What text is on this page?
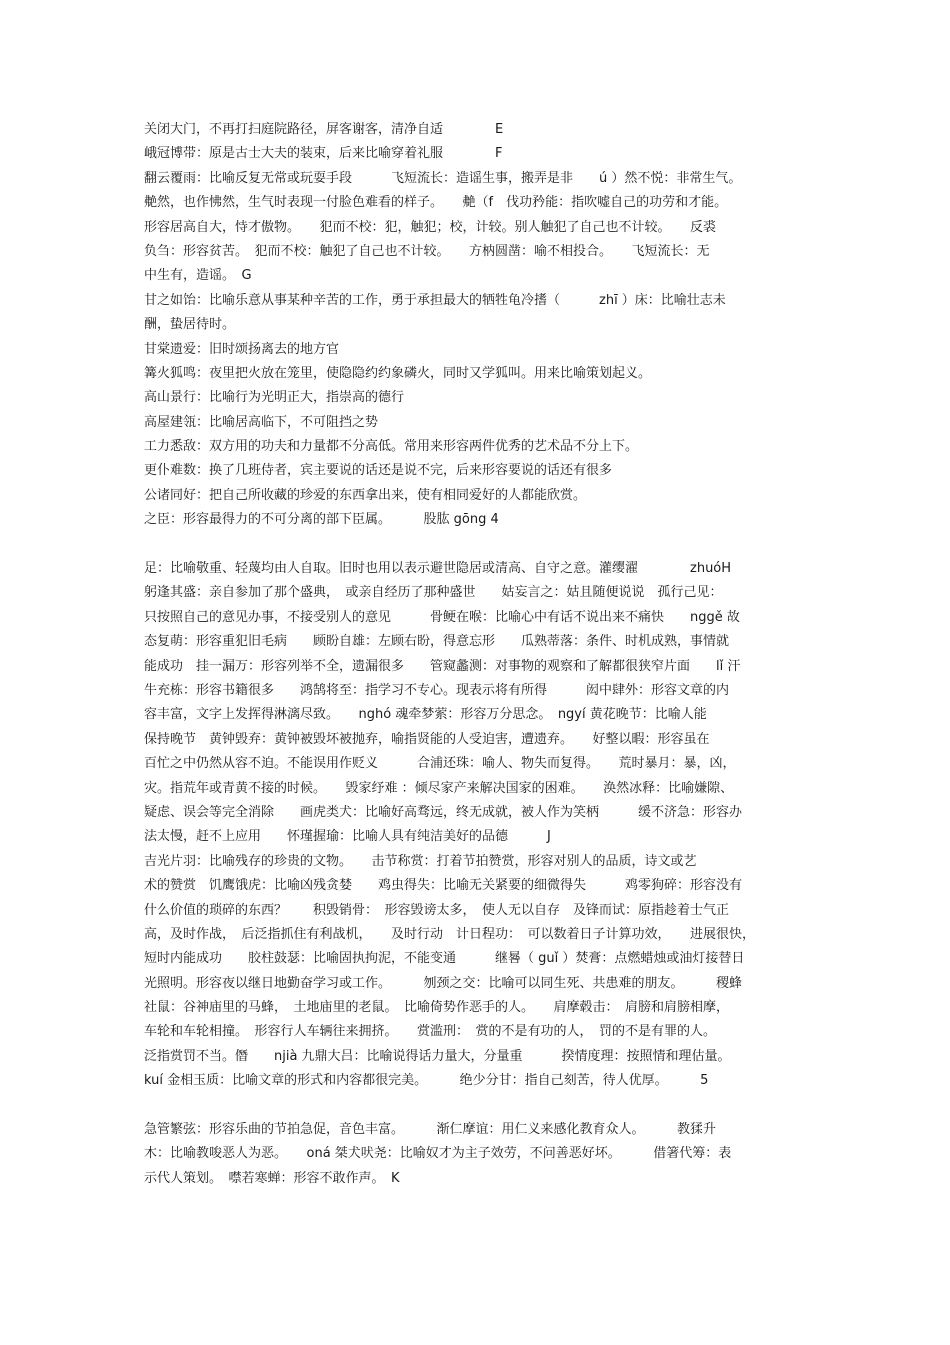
关闭大门，不再打扫庭院路径，屏客谢客，清净自适　　　　E
峨冠博带：原是古士大夫的装束，后来比喻穿着礼服　　　　F
翻云覆雨：比喻反复无常或玩耍手段　　　飞短流长：造谣生事，搬弄是非　　ú ）然不悦：非常生气。
艴然，也作怫然，生气时表现一付脸色难看的样子。　　艴（f　伐功矜能：指吹嘘自己的功劳和才能。
形容居高自大，恃才傲物。　　犯而不校：犯，触犯；校，计较。别人触犯了自己也不计较。　　反裘
负刍：形容贫苦。　犯而不校：触犯了自己也不计较。　　方枘圆凿：喻不相投合。　　飞短流长：无
中生有，造谣。　G
甘之如饴：比喻乐意从事某种辛苦的工作，勇于承担最大的牺牲龟冷搘（　　　zhī ）床：比喻壮志未
酬，蛰居待时。
甘棠遗爱：旧时颂扬离去的地方官
篝火狐鸣：夜里把火放在笼里，使隐隐约约象磷火，同时又学狐叫。用来比喻策划起义。
高山景行：比喻行为光明正大，指崇高的德行
高屋建瓴：比喻居高临下，不可阻挡之势
工力悉敌：双方用的功夫和力量都不分高低。常用来形容两件优秀的艺术品不分上下。
更仆难数：换了几班侍者，宾主要说的话还是说不完，后来形容要说的话还有很多
公诸同好：把自己所收藏的珍爱的东西拿出来，使有相同爱好的人都能欣赏。
之臣：形容最得力的不可分离的部下臣属。　　　股肱 gōng 4
足：比喻敬重、轻蔑均由人自取。旧时也用以表示避世隐居或清高、自守之意。灌缨濯　　　　zhuóH
躬逢其盛：亲自参加了那个盛典，　或亲自经历了那种盛世　　姑妄言之：姑且随便说说　孤行己见：
只按照自己的意见办事，不接受别人的意见　　　骨鲠在喉：比喻心中有话不说出来不痛快　　nggě 故
态复萌：形容重犯旧毛病　　顾盼自雄：左顾右盼，得意忘形　　瓜熟蒂落：条件、时机成熟，事情就
能成功　挂一漏万：形容列举不全，遗漏很多　　管窥蠡测：对事物的观察和了解都很狭窄片面　　lǐ 汗
牛充栋：形容书籍很多　　鸿鹄将至：指学习不专心。现表示将有所得　　　闳中肆外：形容文章的内
容丰富，文字上发挥得淋漓尽致。　　nghó 魂牵梦萦：形容万分思念。　ngyí 黄花晚节：比喻人能
保持晚节　黄钟毁弃：黄钟被毁坏被抛弃，喻指贤能的人受迫害，遭遗弃。　　好整以暇：形容虽在
百忙之中仍然从容不迫。不能误用作贬义　　　合浦还珠：喻人、物失而复得。　　荒时暴月：暴，凶，
灾。指荒年或青黄不接的时候。　　毁家纾难 ：倾尽家产来解决国家的困难。　　涣然冰释：比喻嫌隙、
疑虑、误会等完全消除　　画虎类犬：比喻好高骛远，终无成就，被人作为笑柄　　　缓不济急：形容办
法太慢，赶不上应用　　怀瑾握瑜：比喻人具有纯洁美好的品德　　　J
吉光片羽：比喻残存的珍贵的文物。　　击节称赏：打着节拍赞赏，形容对别人的品质，诗文或艺
术的赞赏　饥鹰饿虎：比喻凶残贪婪　　鸡虫得失：比喻无关紧要的细微得失　　　鸡零狗碎：形容没有
什么价值的琐碎的东西？　　积毁销骨：　形容毁谤太多，　使人无以自存　及锋而试：原指趁着士气正
高，及时作战，　后泛指抓住有利战机，　　及时行动　计日程功：　可以数着日子计算功效，　　进展很快，
短时内能成功　　胶柱鼓瑟：比喻固执拘泥，不能变通　　　继晷（ guǐ ）焚膏：点燃蜡烛或油灯接替日
光照明。形容夜以继日地勤奋学习或工作。　　　刎颈之交：比喻可以同生死、共患难的朋友。　　　稷蜂
社鼠：谷神庙里的马蜂，　土地庙里的老鼠。　比喻倚势作恶手的人。　　肩摩毂击：　肩膀和肩膀相摩，
车轮和车轮相撞。　形容行人车辆往来拥挤。　　赏滥刑：　赏的不是有功的人，　罚的不是有罪的人。
泛指赏罚不当。僭　　njià 九鼎大吕：比喻说得话力量大，分量重　　　揆情度理：按照情和理估量。
kuí 金相玉质：比喻文章的形式和内容都很完美。　　　绝少分甘：指自己刻苦，待人优厚。　　　5
急管繁弦：形容乐曲的节拍急促，音色丰富。　　　渐仁摩谊：用仁义来感化教育众人。　　　教猱升
木：比喻教唆恶人为恶。　　oná 桀犬吠尧：比喻奴才为主子效劳，不问善恶好坏。　　　借箸代筹：表
示代人策划。　噤若寒蝉：形容不敢作声。　K
